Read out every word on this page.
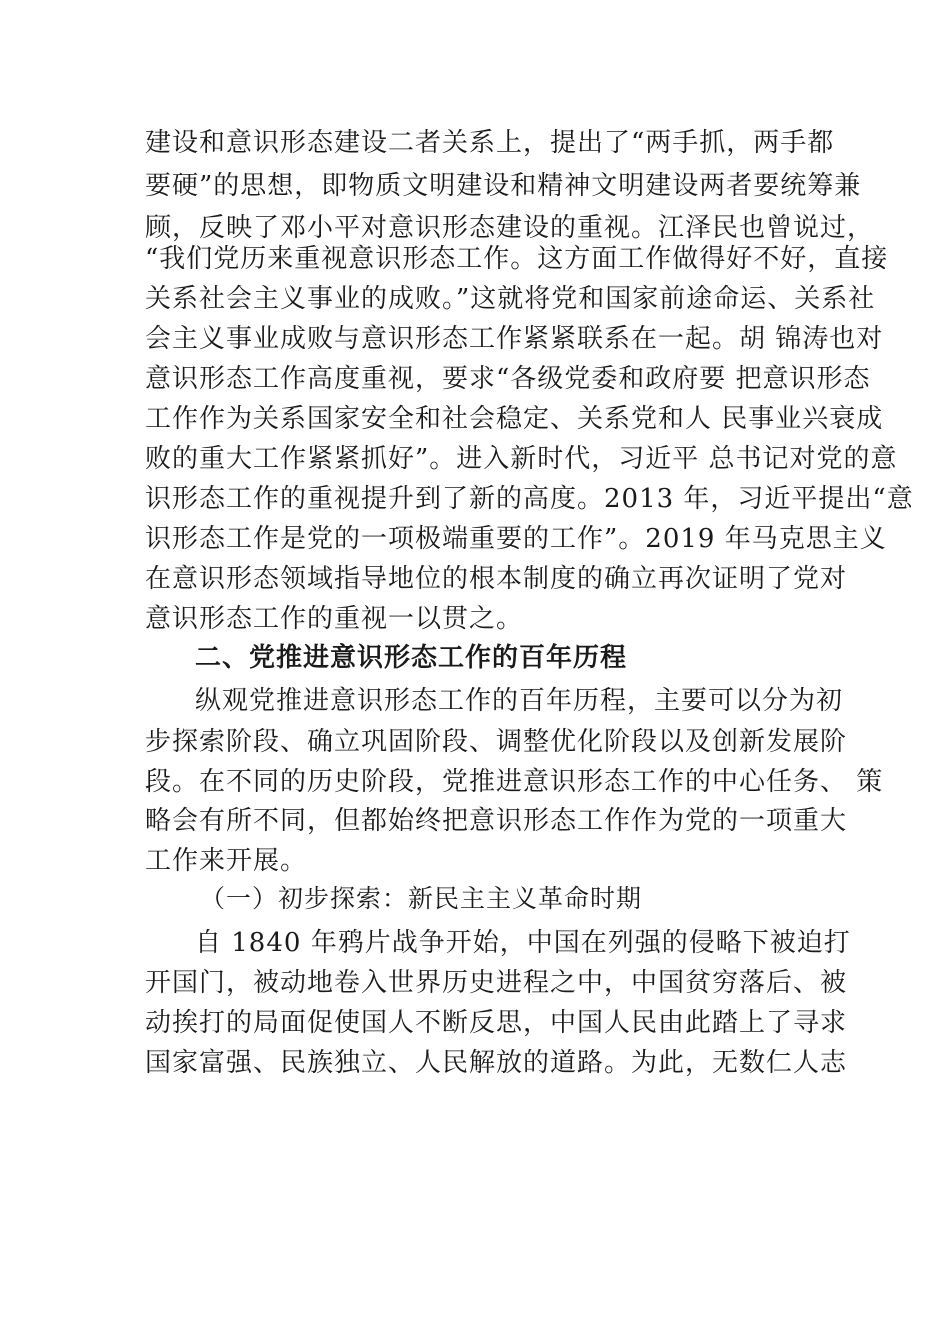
建设和意识形态建设二者关系上，提出了“两手抓，两手都
要硬”的思想，即物质文明建设和精神文明建设两者要统筹兼
顾，反映了邓小平对意识形态建设的重视。江泽民也曾说过，
“我们党历来重视意识形态工作。这方面工作做得好不好，直接
关系社会主义事业的成败。”这就将党和国家前途命运、关系社
会主义事业成败与意识形态工作紧紧联系在一起。胡 锦涛也对
意识形态工作高度重视，要求“各级党委和政府要 把意识形态
工作作为关系国家安全和社会稳定、关系党和人 民事业兴衰成
败的重大工作紧紧抓好”。进入新时代，习近平 总书记对党的意
识形态工作的重视提升到了新的高度。2013 年，习近平提出“意
识形态工作是党的一项极端重要的工作”。2019 年马克思主义
在意识形态领域指导地位的根本制度的确立再次证明了党对
意识形态工作的重视一以贯之。
二、党推进意识形态工作的百年历程
纵观党推进意识形态工作的百年历程，主要可以分为初
步探索阶段、确立巩固阶段、调整优化阶段以及创新发展阶
段。在不同的历史阶段，党推进意识形态工作的中心任务、 策
略会有所不同，但都始终把意识形态工作作为党的一项重大
工作来开展。
（一）初步探索：新民主主义革命时期
自 1840 年鸦片战争开始，中国在列强的侵略下被迫打
开国门，被动地卷入世界历史进程之中，中国贫穷落后、被
动挨打的局面促使国人不断反思，中国人民由此踏上了寻求
国家富强、民族独立、人民解放的道路。为此，无数仁人志
